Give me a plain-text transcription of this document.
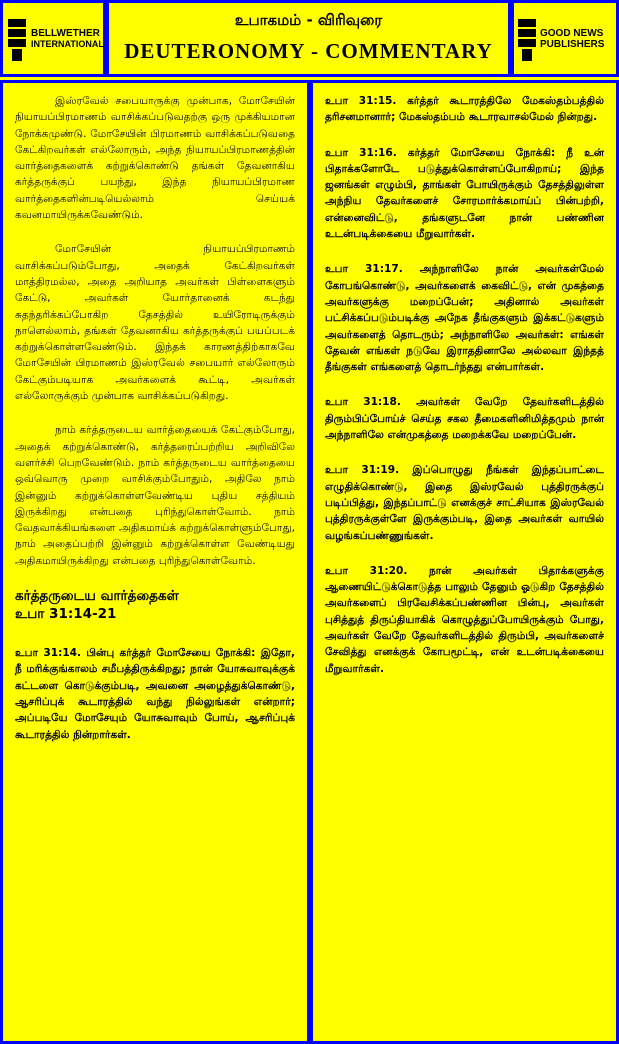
BELLWETHER
INTERNATIONAL
உபாகமம் - விரிவுரை
DEUTERONOMY - COMMENTARY
GOOD NEWS
PUBLISHERS

இஸ்ரவேல் சபையாருக்கு முன்பாக, மோசேயின் நியாயப்பிரமாணம் வாசிக்கப்படுவதற்கு ஒரு முக்கியமான நோக்கமுண்டு. மோசேயின் பிரமாணம் வாசிக்கப்படுவதை கேட்கிறவர்கள் எல்லோரும், அந்த நியாயப்பிரமாணத்தின் வார்த்தைகளைக் கற்றுக்கொண்டு தங்கள் தேவனாகிய கர்த்தருக்குப் பயந்து, இந்த நியாயப்பிரமாண வார்த்தைகளின்படியெல்லாம் செய்யக் கவனமாயிருக்கவேண்டும்.

மோசேயின் நியாயப்பிரமாணம் வாசிக்கப்படும்போது, அதைக் கேட்கிறவர்கள் மாத்திரமல்ல, அதை அறியாத அவர்கள் பிள்ளைகளும் கேட்டு, அவர்கள் யோர்தானைக் கடந்து சுதந்தரிக்கப்போகிற தேசத்தில் உயிரோடிருக்கும் நாளெல்லாம், தங்கள் தேவனாகிய கர்த்தருக்குப் பயப்படக் கற்றுக்கொள்ளவேண்டும். இந்தக் காரணத்திற்காகவே மோசேயின் பிரமாணம் இஸ்ரவேல் சபையார் எல்லோரும் கேட்கும்படியாக அவர்களைக் கூட்டி, அவர்கள் எல்லோருக்கும் முன்பாக வாசிக்கப்படுகிறது.

நாம் கர்த்தருடைய வார்த்தையைக் கேட்கும்போது, அதைக் கற்றுக்கொண்டு, கர்த்தரைப்பற்றிய அறிவிலே வளர்ச்சி பெறவேண்டும். நாம் கர்த்தருடைய வார்த்தையை ஒவ்வொரு முறை வாசிக்கும்போதும், அதிலே நாம் இன்னும் கற்றுக்கொள்ளவேண்டிய புதிய சத்தியம் இருக்கிறது என்பதை புரிந்துகொள்வோம். நாம் வேதவாக்கியங்களை அதிகமாய்க் கற்றுக்கொள்ளும்போது, நாம் அதைப்பற்றி இன்னும் கற்றுக்கொள்ள வேண்டியது அதிகமாயிருக்கிறது என்பதை புரிந்துகொள்வோம்.

கர்த்தருடைய வார்த்தைகள்
உபா 31:14-21

உபா 31:14. பின்பு கர்த்தர் மோசேயை நோக்கி: இதோ, நீ மரிக்குங்காலம் சமீபத்திருக்கிறது; நான் யோசுவாவுக்குக் கட்டளை கொடுக்கும்படி, அவனை அழைத்துக்கொண்டு, ஆசரிப்புக் கூடாரத்தில் வந்து நில்லுங்கள் என்றார்; அப்படியே மோசேயும் யோசுவாவும் போய், ஆசரிப்புக் கூடாரத்தில் நின்றார்கள்.

உபா 31:15. கர்த்தர் கூடாரத்திலே மேகஸ்தம்பத்தில் தரிசனமானார்; மேகஸ்தம்பம் கூடாரவாசல்மேல் நின்றது.

உபா 31:16. கர்த்தர் மோசேயை நோக்கி: நீ உன் பிதாக்களோடே படுத்துக்கொள்ளப்போகிறாய்; இந்த ஜனங்கள் எழும்பி, தாங்கள் போயிருக்கும் தேசத்திலுள்ள அந்நிய தேவர்களைச் சோரமார்க்கமாய்ப் பின்பற்றி, என்னைவிட்டு, தங்களுடனே நான் பண்ணின உடன்படிக்கையை மீறுவார்கள்.

உபா 31:17. அந்நாளிலே நான் அவர்கள்மேல் கோபங்கொண்டு, அவர்களைக் கைவிட்டு, என் முகத்தை அவர்களுக்கு மறைப்பேன்; அதினால் அவர்கள் பட்சிக்கப்படும்படிக்கு அநேக தீங்குகளும் இக்கட்டுகளும் அவர்களைத் தொடரும்; அந்நாளிலே அவர்கள்: எங்கள் தேவன் எங்கள் நடுவே இராததினாலே அல்லவா இந்தத் தீங்குகள் எங்களைத் தொடர்ந்தது என்பார்கள்.

உபா 31:18. அவர்கள் வேறே தேவர்களிடத்தில் திரும்பிப்போய்ச் செய்த சகல தீமைகளினிமித்தமும் நான் அந்நாளிலே என்முகத்தை மறைக்கவே மறைப்பேன்.

உபா 31:19. இப்பொழுது நீங்கள் இந்தப்பாட்டை எழுதிக்கொண்டு, இதை இஸ்ரவேல் புத்திரருக்குப் படிப்பித்து, இந்தப்பாட்டு எனக்குச் சாட்சியாக இஸ்ரவேல் புத்திரருக்குள்ளே இருக்கும்படி, இதை அவர்கள் வாயில் வழங்கப்பண்ணுங்கள்.

உபா 31:20. நான் அவர்கள் பிதாக்களுக்கு ஆணையிட்டுக்கொடுத்த பாலும் தேனும் ஓடுகிற தேசத்தில் அவர்களைப் பிரவேசிக்கப்பண்ணின பின்பு, அவர்கள் புசித்துத் திருப்தியாகிக் கொழுத்துப்போயிருக்கும் போது, அவர்கள் வேறே தேவர்களிடத்தில் திரும்பி, அவர்களைச் சேவித்து எனக்குக் கோபமூட்டி, என் உடன்படிக்கையை மீறுவார்கள்.
